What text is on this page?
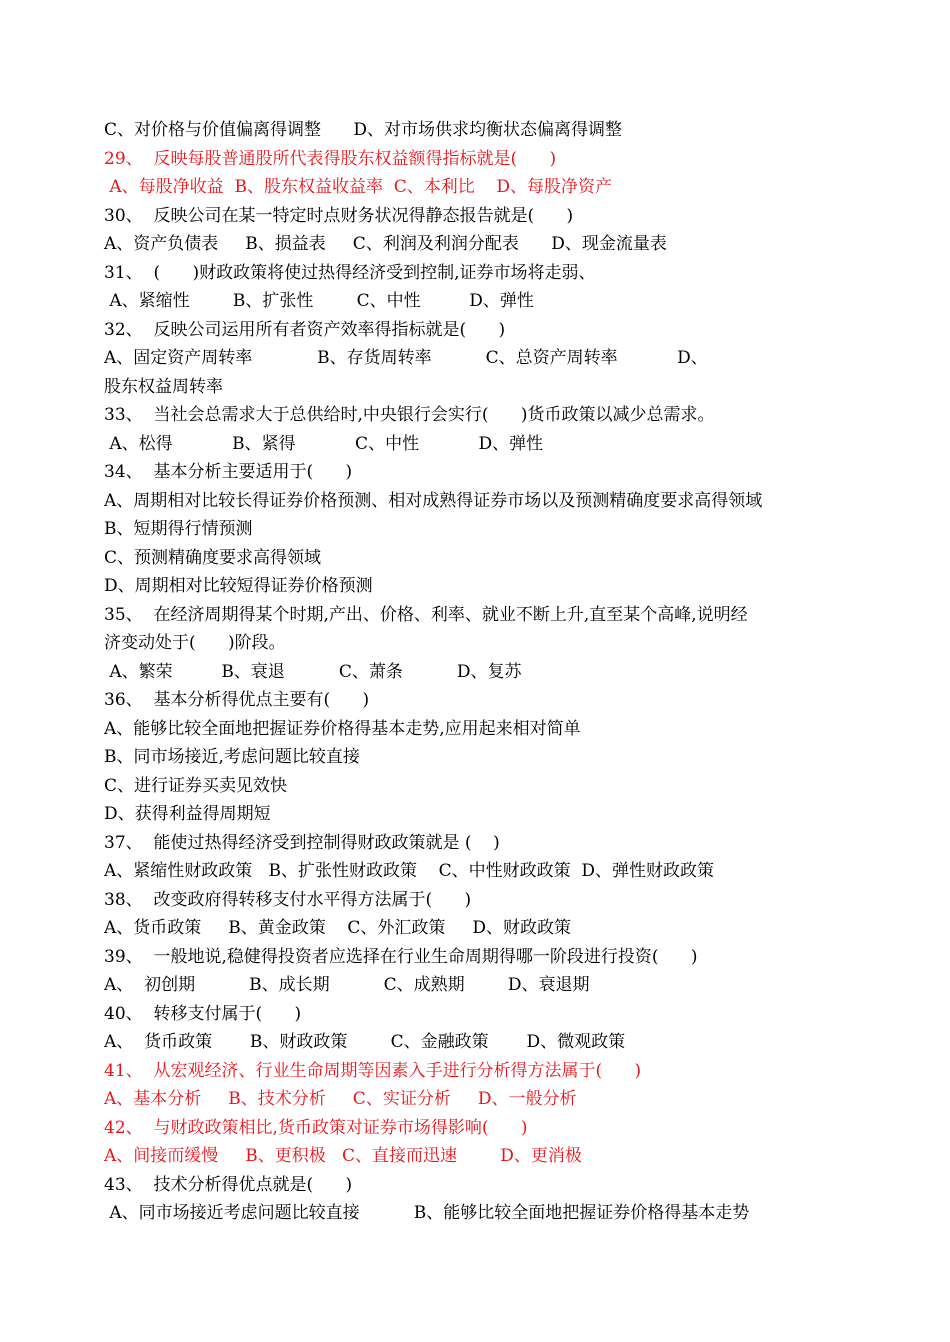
C、对价格与价值偏离得调整      D、对市场供求均衡状态偏离得调整
29、  反映每股普通股所代表得股东权益额得指标就是(      )
A、每股净收益  B、股东权益收益率  C、本利比    D、每股净资产
30、  反映公司在某一特定时点财务状况得静态报告就是(      )
A、资产负债表     B、损益表     C、利润及利润分配表      D、现金流量表
31、  (      )财政政策将使过热得经济受到控制,证券市场将走弱、
A、紧缩性        B、扩张性        C、中性         D、弹性
32、  反映公司运用所有者资产效率得指标就是(      )
A、固定资产周转率            B、存货周转率          C、总资产周转率           D、
股东权益周转率
33、  当社会总需求大于总供给时,中央银行会实行(      )货币政策以减少总需求。
A、松得           B、紧得           C、中性           D、弹性
34、  基本分析主要适用于(      )
A、周期相对比较长得证券价格预测、相对成熟得证券市场以及预测精确度要求高得领域
B、短期得行情预测
C、预测精确度要求高得领域
D、周期相对比较短得证券价格预测
35、  在经济周期得某个时期,产出、价格、利率、就业不断上升,直至某个高峰,说明经
济变动处于(      )阶段。
A、繁荣         B、衰退          C、萧条          D、复苏
36、  基本分析得优点主要有(      )
A、能够比较全面地把握证券价格得基本走势,应用起来相对简单
B、同市场接近,考虑问题比较直接
C、进行证券买卖见效快
D、获得利益得周期短
37、  能使过热得经济受到控制得财政政策就是 (    )
A、紧缩性财政政策   B、扩张性财政政策    C、中性财政政策  D、弹性财政政策
38、  改变政府得转移支付水平得方法属于(      )
A、货币政策     B、黄金政策    C、外汇政策     D、财政政策
39、  一般地说,稳健得投资者应选择在行业生命周期得哪一阶段进行投资(      )
A、  初创期          B、成长期          C、成熟期        D、衰退期
40、  转移支付属于(      )
A、  货币政策       B、财政政策        C、金融政策       D、微观政策
41、  从宏观经济、行业生命周期等因素入手进行分析得方法属于(      )
A、基本分析     B、技术分析     C、实证分析     D、一般分析
42、  与财政政策相比,货币政策对证券市场得影响(      )
A、间接而缓慢     B、更积极   C、直接而迅速        D、更消极
43、  技术分析得优点就是(      )
A、同市场接近考虑问题比较直接          B、能够比较全面地把握证券价格得基本走势
